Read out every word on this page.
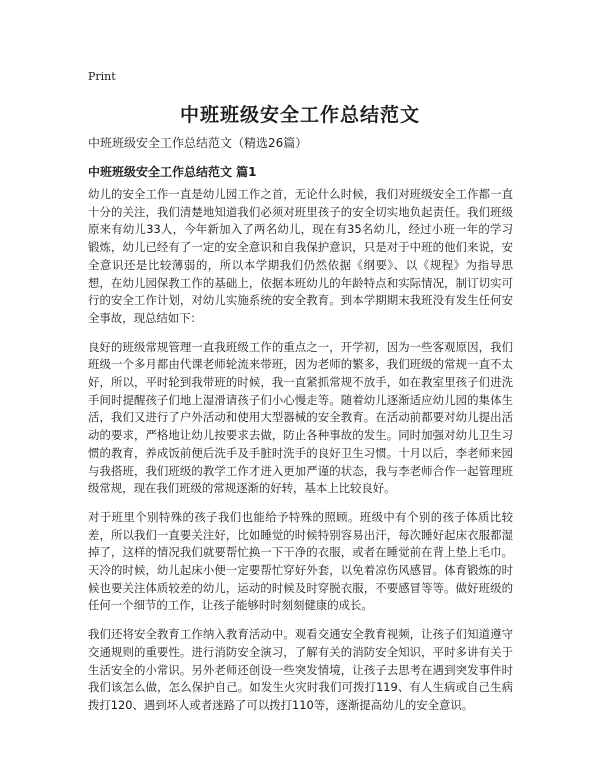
Print
中班班级安全工作总结范文

中班班级安全工作总结范文（精选26篇）

中班班级安全工作总结范文 篇1

幼儿的安全工作一直是幼儿园工作之首，无论什么时候，我们对班级安全工作都一直十分的关注，我们清楚地知道我们必须对班里孩子的安全切实地负起责任。我们班级原来有幼儿33人，今年新加入了两名幼儿，现在有35名幼儿，经过小班一年的学习锻炼，幼儿已经有了一定的安全意识和自我保护意识，只是对于中班的他们来说，安全意识还是比较薄弱的，所以本学期我们仍然依据《纲要》、以《规程》为指导思想，在幼儿园保教工作的基础上，依据本班幼儿的年龄特点和实际情况，制订切实可行的安全工作计划，对幼儿实施系统的安全教育。到本学期期末我班没有发生任何安全事故，现总结如下：

良好的班级常规管理一直我班级工作的重点之一，开学初，因为一些客观原因，我们班级一个多月都由代课老师轮流来带班，因为老师的繁多，我们班级的常规一直不太好，所以，平时轮到我带班的时候，我一直紧抓常规不放手，如在教室里孩子们进洗手间时提醒孩子们地上湿滑请孩子们小心慢走等。随着幼儿逐渐适应幼儿园的集体生活，我们又进行了户外活动和使用大型器械的安全教育。在活动前都要对幼儿提出活动的要求，严格地让幼儿按要求去做，防止各种事故的发生。同时加强对幼儿卫生习惯的教育，养成饭前便后洗手及手脏时洗手的良好卫生习惯。十月以后，李老师来园与我搭班，我们班级的教学工作才进入更加严谨的状态，我与李老师合作一起管理班级常规，现在我们班级的常规逐渐的好转，基本上比较良好。

对于班里个别特殊的孩子我们也能给予特殊的照顾。班级中有个别的孩子体质比较差，所以我们一直要关注好，比如睡觉的时候特别容易出汗，每次睡好起床衣服都湿掉了，这样的情况我们就要帮忙换一下干净的衣服，或者在睡觉前在背上垫上毛巾。天冷的时候，幼儿起床小便一定要帮忙穿好外套，以免着凉伤风感冒。体育锻炼的时候也要关注体质较差的幼儿，运动的时候及时穿脱衣服，不要感冒等等。做好班级的任何一个细节的工作，让孩子能够时时刻刻健康的成长。

我们还将安全教育工作纳入教育活动中。观看交通安全教育视频，让孩子们知道遵守交通规则的重要性。进行消防安全演习，了解有关的消防安全知识，平时多讲有关于生活安全的小常识。另外老师还创设一些突发情境，让孩子去思考在遇到突发事件时我们该怎么做，怎么保护自己。如发生火灾时我们可拨打119、有人生病或自己生病拨打120、遇到坏人或者迷路了可以拨打110等，逐渐提高幼儿的安全意识。
